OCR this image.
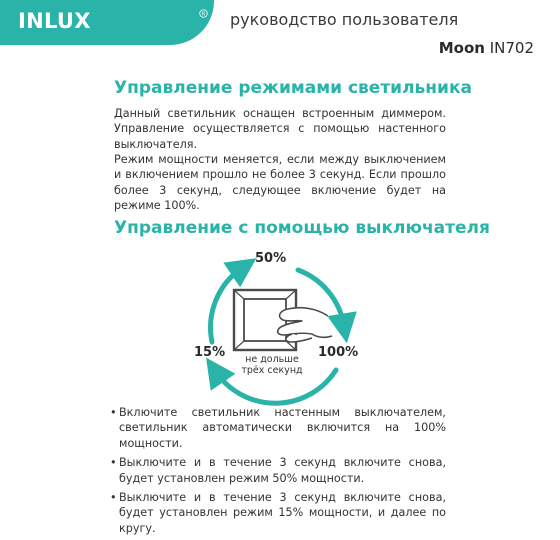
INLUX	R руководство пользователя
Moon IN702
Управление режимами светильника
Данный светильник оснащен встроенным диммером. Управление осуществляется с помощью настенного выключателя.
Режим мощности меняется, если между выключением и включением прошло не более 3 секунд. Если прошло более 3 секунд, следующее включение будет на режиме 100%.
Управление с помощью выключателя
50%
100%
15%	не дольше
трёх секунд
• Включите светильник настенным выключателем, светильник автоматически включится на 100% мощности.
• Выключите и в течение 3 секунд включите снова, будет установлен режим 50% мощности.
• Выключите и в течение 3 секунд включите снова, будет установлен режим 15% мощности, и далее по кругу.
